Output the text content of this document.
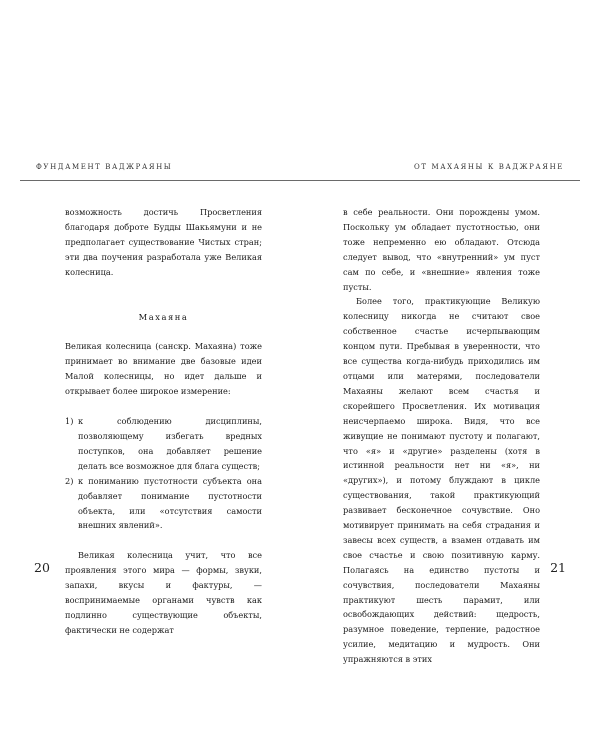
ФУНДАМЕНТ ВАДЖРАЯНЫ

возможность достичь Просветления благодаря доброте Будды Шакьямуни и не предполагает существование Чистых стран; эти два поучения разработала уже Великая колесница.

Махаяна

Великая колесница (санскр. Махаяна) тоже принимает во внимание две базовые идеи Малой колесницы, но идет дальше и открывает более широкое измерение:

1) к соблюдению дисциплины, позволяющему избегать вредных поступков, она добавляет решение делать все возможное для блага существ;
2) к пониманию пустотности субъекта она добавляет понимание пустотности объекта, или «отсутствия самости внешних явлений».

Великая колесница учит, что все проявления этого мира — формы, звуки, запахи, вкусы и фактуры, — воспринимаемые органами чувств как подлинно существующие объекты, фактически не содержат

20
ОТ МАХАЯНЫ К ВАДЖРАЯНЕ

в себе реальности. Они порождены умом. Поскольку ум обладает пустотностью, они тоже непременно ею обладают. Отсюда следует вывод, что «внутренний» ум пуст сам по себе, и «внешние» явления тоже пусты.

Более того, практикующие Великую колесницу никогда не считают свое собственное счастье исчерпывающим концом пути. Пребывая в уверенности, что все существа когда-нибудь приходились им отцами или матерями, последователи Махаяны желают всем счастья и скорейшего Просветления. Их мотивация неисчерпаемо широка. Видя, что все живущие не понимают пустоту и полагают, что «я» и «другие» разделены (хотя в истинной реальности нет ни «я», ни «других»), и потому блуждают в цикле существования, такой практикующий развивает бесконечное сочувствие. Оно мотивирует принимать на себя страдания и завесы всех существ, а взамен отдавать им свое счастье и свою позитивную карму. Полагаясь на единство пустоты и сочувствия, последователи Махаяны практикуют шесть парамит, или освобождающих действий: щедрость, разумное поведение, терпение, радостное усилие, медитацию и мудрость. Они упражняются в этих

21
